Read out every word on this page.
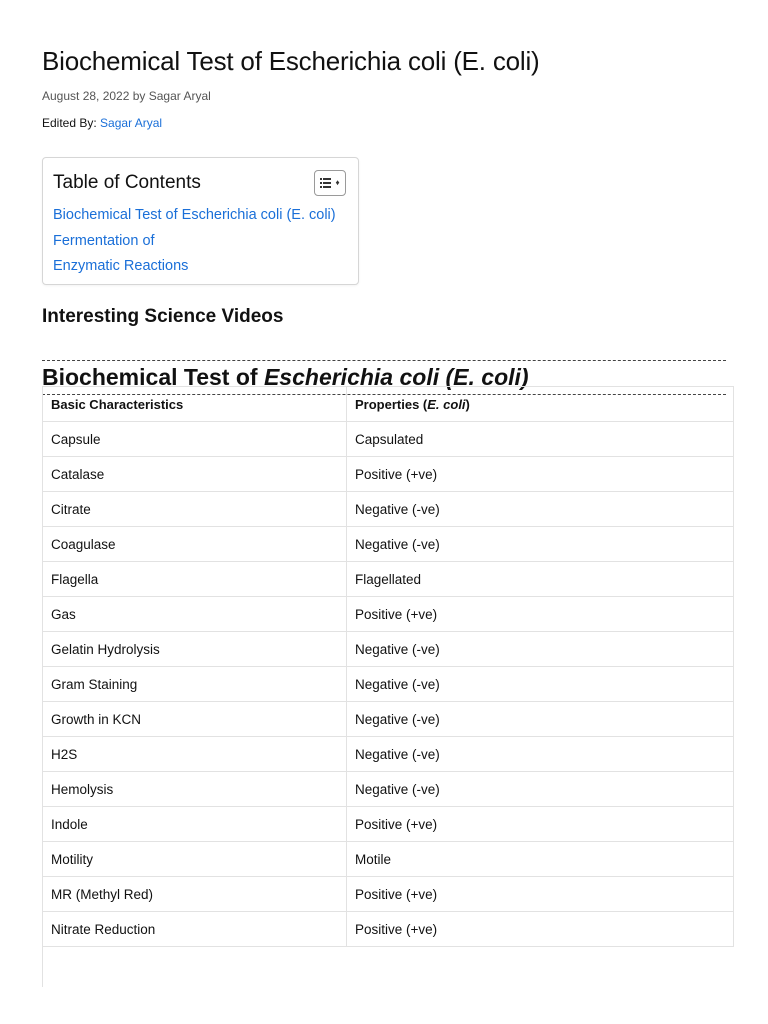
Biochemical Test of Escherichia coli (E. coli)
August 28, 2022 by Sagar Aryal
Edited By: Sagar Aryal
Table of Contents	♦
Biochemical Test of Escherichia coli (E. coli)
Fermentation of
Enzymatic Reactions
Interesting Science Videos
Biochemical Test of Escherichia coli (E. coli)
Basic Characteristics	Properties (E. coli)
Capsule	Capsulated
Catalase	Positive (+ve)
Citrate	Negative (-ve)
Coagulase	Negative (-ve)
Flagella	Flagellated
Gas	Positive (+ve)
Gelatin Hydrolysis	Negative (-ve)
Gram Staining	Negative (-ve)
Growth in KCN	Negative (-ve)
H2S	Negative (-ve)
Hemolysis	Negative (-ve)
Indole	Positive (+ve)
Motility	Motile
MR (Methyl Red)	Positive (+ve)
Nitrate Reduction	Positive (+ve)
